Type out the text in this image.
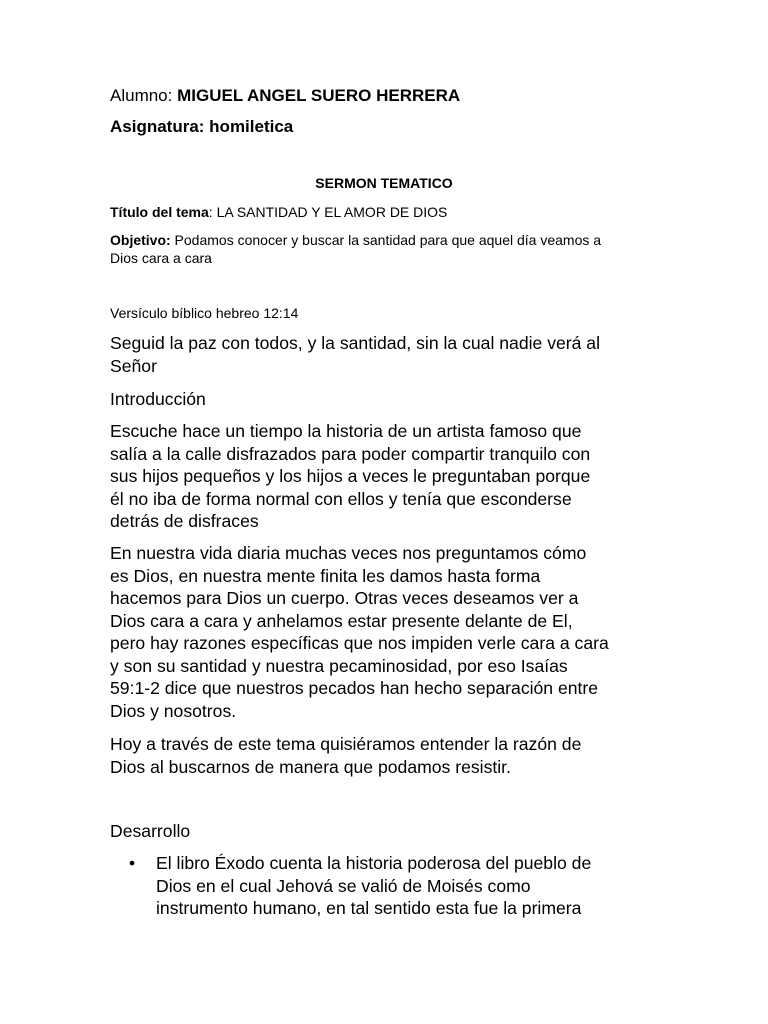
Alumno: MIGUEL ANGEL SUERO HERRERA
Asignatura: homiletica
SERMON TEMATICO
Título del tema: LA SANTIDAD Y EL AMOR DE DIOS
Objetivo: Podamos conocer y buscar la santidad para que aquel día veamos a
Dios cara a cara
Versículo bíblico hebreo 12:14
Seguid la paz con todos, y la santidad, sin la cual nadie verá al
Señor
Introducción
Escuche hace un tiempo la historia de un artista famoso que
salía a la calle disfrazados para poder compartir tranquilo con
sus hijos pequeños y los hijos a veces le preguntaban porque
él no iba de forma normal con ellos y tenía que esconderse
detrás de disfraces
En nuestra vida diaria muchas veces nos preguntamos cómo
es Dios, en nuestra mente finita les damos hasta forma
hacemos para Dios un cuerpo. Otras veces deseamos ver a
Dios cara a cara y anhelamos estar presente delante de El,
pero hay razones específicas que nos impiden verle cara a cara
y son su santidad y nuestra pecaminosidad, por eso Isaías
59:1-2 dice que nuestros pecados han hecho separación entre
Dios y nosotros.
Hoy a través de este tema quisiéramos entender la razón de
Dios al buscarnos de manera que podamos resistir.
Desarrollo
• El libro Éxodo cuenta la historia poderosa del pueblo de
Dios en el cual Jehová se valió de Moisés como
instrumento humano, en tal sentido esta fue la primera
